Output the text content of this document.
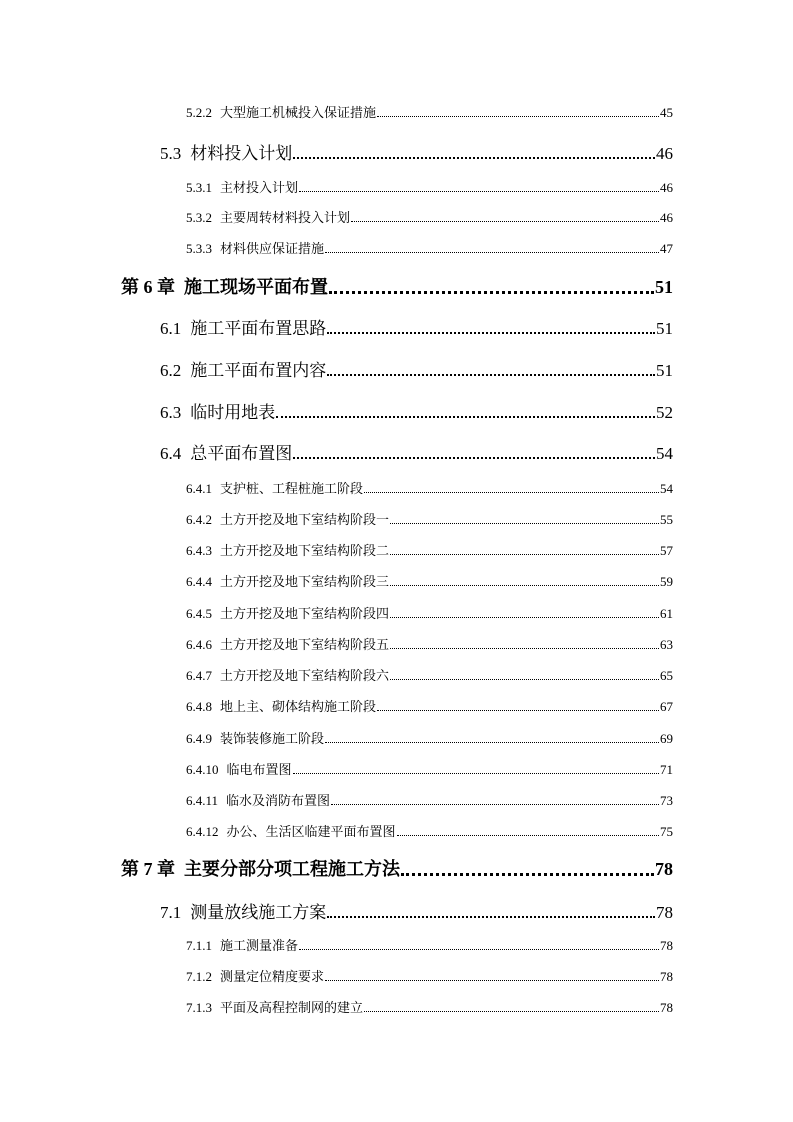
5.2.2 大型施工机械投入保证措施	45
5.3 材料投入计划	46
5.3.1 主材投入计划	46
5.3.2 主要周转材料投入计划	46
5.3.3 材料供应保证措施	47
第 6 章 施工现场平面布置	51
6.1 施工平面布置思路	51
6.2 施工平面布置内容	51
6.3 临时用地表	52
6.4 总平面布置图	54
6.4.1 支护桩、工程桩施工阶段	54
6.4.2 土方开挖及地下室结构阶段一	55
6.4.3 土方开挖及地下室结构阶段二	57
6.4.4 土方开挖及地下室结构阶段三	59
6.4.5 土方开挖及地下室结构阶段四	61
6.4.6 土方开挖及地下室结构阶段五	63
6.4.7 土方开挖及地下室结构阶段六	65
6.4.8 地上主、砌体结构施工阶段	67
6.4.9 装饰装修施工阶段	69
6.4.10 临电布置图	71
6.4.11 临水及消防布置图	73
6.4.12 办公、生活区临建平面布置图	75
第 7 章 主要分部分项工程施工方法	78
7.1 测量放线施工方案	78
7.1.1 施工测量准备	78
7.1.2 测量定位精度要求	78
7.1.3 平面及高程控制网的建立	78
